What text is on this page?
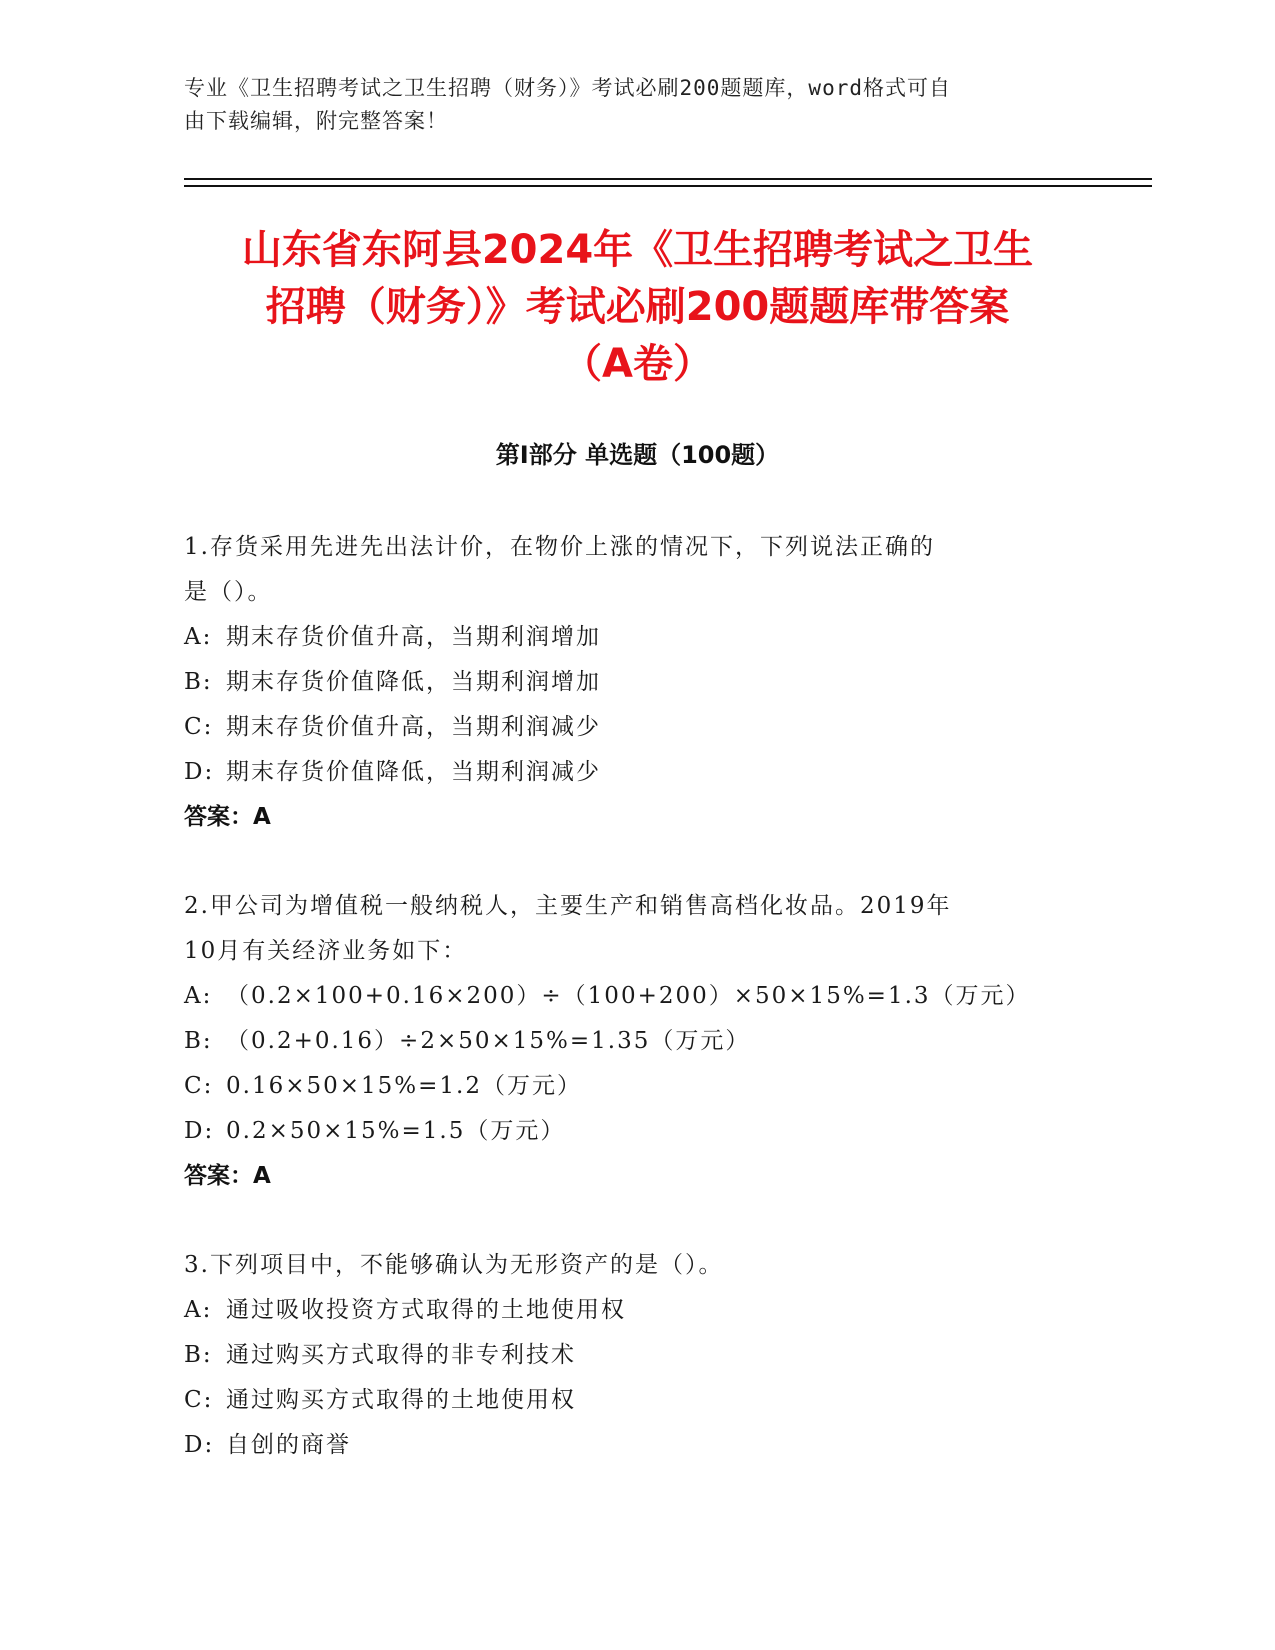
专业《卫生招聘考试之卫生招聘（财务）》考试必刷200题题库，word格式可自
由下载编辑，附完整答案！
山东省东阿县2024年《卫生招聘考试之卫生
招聘（财务）》考试必刷200题题库带答案
（A卷）
第I部分 单选题（100题）
1.存货采用先进先出法计价，在物价上涨的情况下，下列说法正确的
是（）。
A: 期末存货价值升高，当期利润增加
B: 期末存货价值降低，当期利润增加
C: 期末存货价值升高，当期利润减少
D: 期末存货价值降低，当期利润减少
答案：A
2.甲公司为增值税一般纳税人，主要生产和销售高档化妆品。2019年
10月有关经济业务如下：
A: （0.2×100+0.16×200）÷（100+200）×50×15%=1.3（万元）
B: （0.2+0.16）÷2×50×15%=1.35（万元）
C: 0.16×50×15%=1.2（万元）
D: 0.2×50×15%=1.5（万元）
答案：A
3.下列项目中，不能够确认为无形资产的是（）。
A: 通过吸收投资方式取得的土地使用权
B: 通过购买方式取得的非专利技术
C: 通过购买方式取得的土地使用权
D: 自创的商誉
